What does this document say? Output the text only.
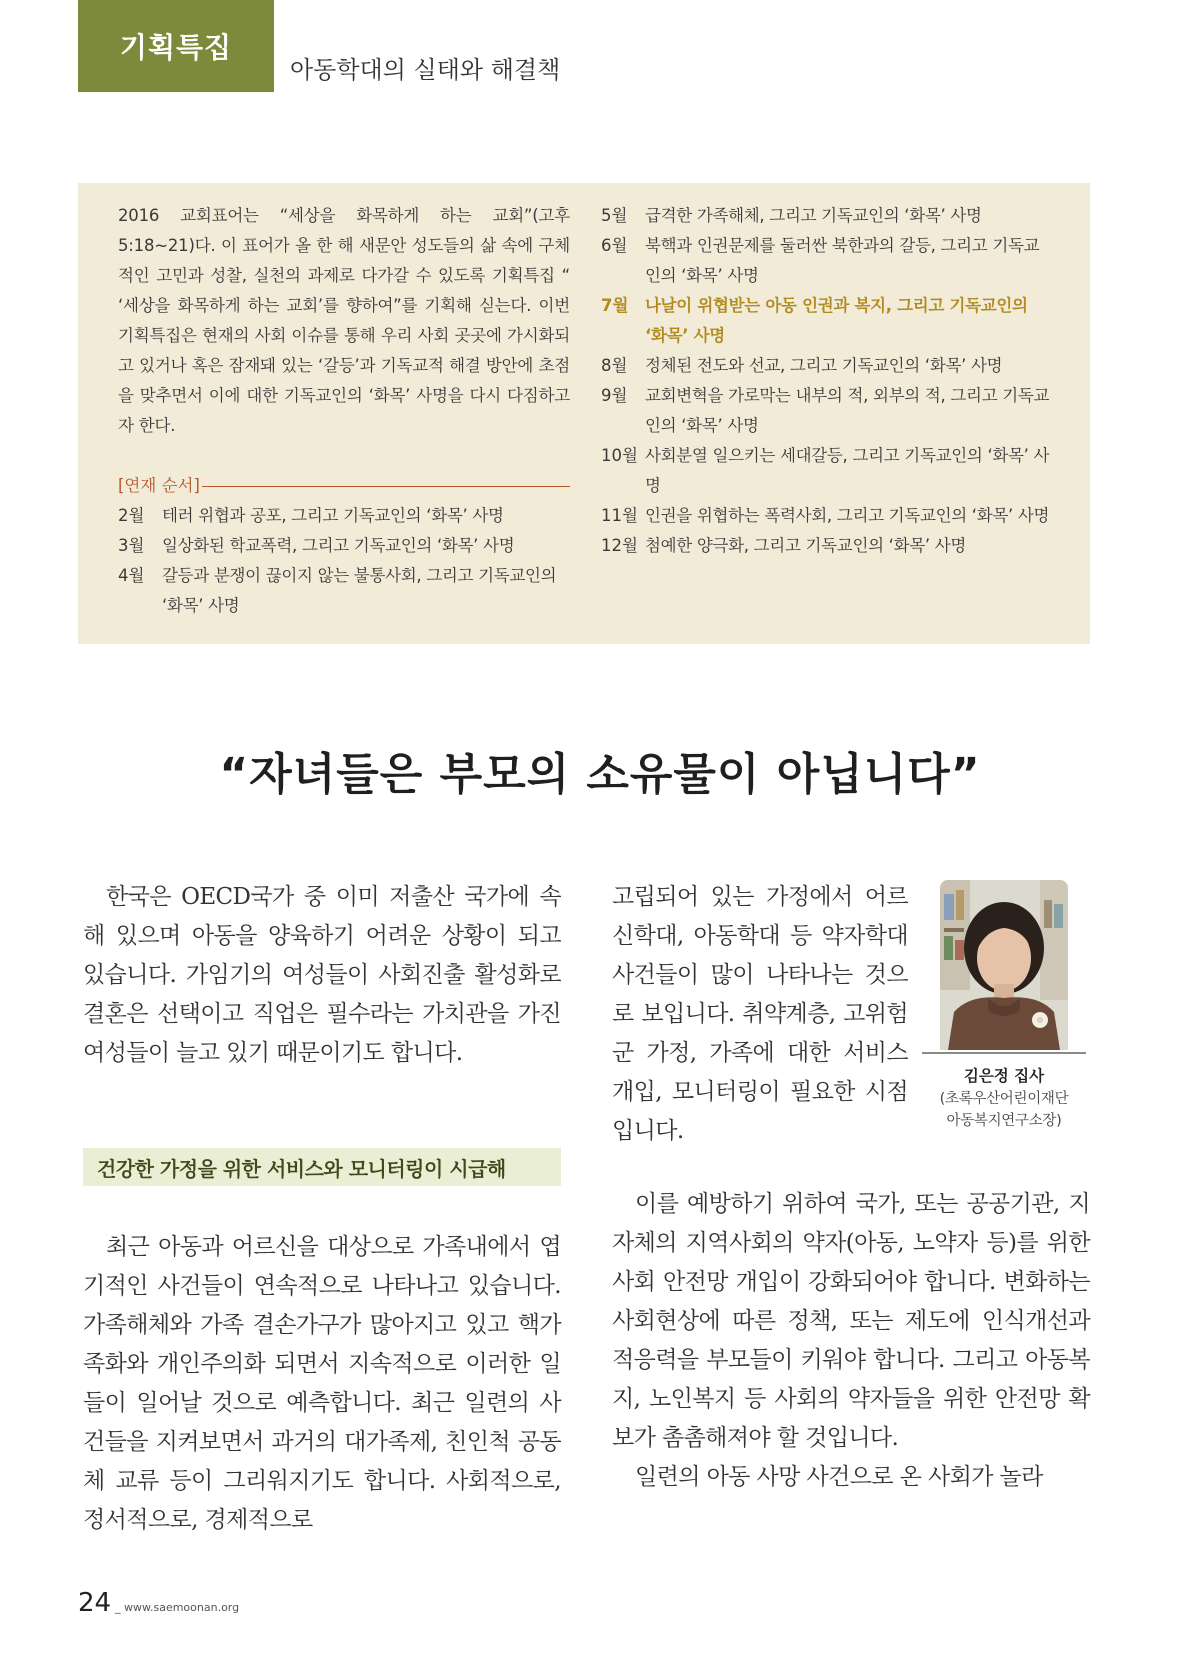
기획특집
아동학대의 실태와 해결책
2016 교회표어는 “세상을 화목하게 하는 교회”(고후 5:18~21)다. 이 표어가 올 한 해 새문안 성도들의 삶 속에 구체적인 고민과 성찰, 실천의 과제로 다가갈 수 있도록 기획특집 “ ‘세상을 화목하게 하는 교회’를 향하여”를 기획해 싣는다. 이번 기획특집은 현재의 사회 이슈를 통해 우리 사회 곳곳에 가시화되고 있거나 혹은 잠재돼 있는 ‘갈등’과 기독교적 해결 방안에 초점을 맞추면서 이에 대한 기독교인의 ‘화목’ 사명을 다시 다짐하고자 한다.
[연재 순서]
2월	테러 위협과 공포, 그리고 기독교인의 ‘화목’ 사명
3월	일상화된 학교폭력, 그리고 기독교인의 ‘화목’ 사명
4월	갈등과 분쟁이 끊이지 않는 불통사회, 그리고 기독교인의 ‘화목’ 사명
5월	급격한 가족해체, 그리고 기독교인의 ‘화목’ 사명
6월	북핵과 인권문제를 둘러싼 북한과의 갈등, 그리고 기독교인의 ‘화목’ 사명
7월	나날이 위협받는 아동 인권과 복지, 그리고 기독교인의 ‘화목’ 사명
8월	정체된 전도와 선교, 그리고 기독교인의 ‘화목’ 사명
9월	교회변혁을 가로막는 내부의 적, 외부의 적, 그리고 기독교인의 ‘화목’ 사명
10월 사회분열 일으키는 세대갈등, 그리고 기독교인의 ‘화목’ 사명
11월 인권을 위협하는 폭력사회, 그리고 기독교인의 ‘화목’ 사명
12월 첨예한 양극화, 그리고 기독교인의 ‘화목’ 사명
“자녀들은 부모의 소유물이 아닙니다”

한국은 OECD국가 중 이미 저출산 국가에 속해 있으며 아동을 양육하기 어려운 상황이 되고 있습니다. 가임기의 여성들이 사회진출 활성화로 결혼은 선택이고 직업은 필수라는 가치관을 가진 여성들이 늘고 있기 때문이기도 합니다.

건강한 가정을 위한 서비스와 모니터링이 시급해

최근 아동과 어르신을 대상으로 가족내에서 엽기적인 사건들이 연속적으로 나타나고 있습니다. 가족해체와 가족 결손가구가 많아지고 있고 핵가족화와 개인주의화 되면서 지속적으로 이러한 일들이 일어날 것으로 예측합니다. 최근 일련의 사건들을 지켜보면서 과거의 대가족제, 친인척 공동체 교류 등이 그리워지기도 합니다. 사회적으로, 정서적으로, 경제적으로

고립되어 있는 가정에서 어르신학대, 아동학대 등 약자학대 사건들이 많이 나타나는 것으로 보입니다. 취약계층, 고위험군 가정, 가족에 대한 서비스 개입, 모니터링이 필요한 시점입니다.

김은정 집사
(초록우산어린이재단
아동복지연구소장)

이를 예방하기 위하여 국가, 또는 공공기관, 지자체의 지역사회의 약자(아동, 노약자 등)를 위한 사회 안전망 개입이 강화되어야 합니다. 변화하는 사회현상에 따른 정책, 또는 제도에 인식개선과 적응력을 부모들이 키워야 합니다. 그리고 아동복지, 노인복지 등 사회의 약자들을 위한 안전망 확보가 촘촘해져야 할 것입니다.

일련의 아동 사망 사건으로 온 사회가 놀라

24 _ www.saemoonan.org
